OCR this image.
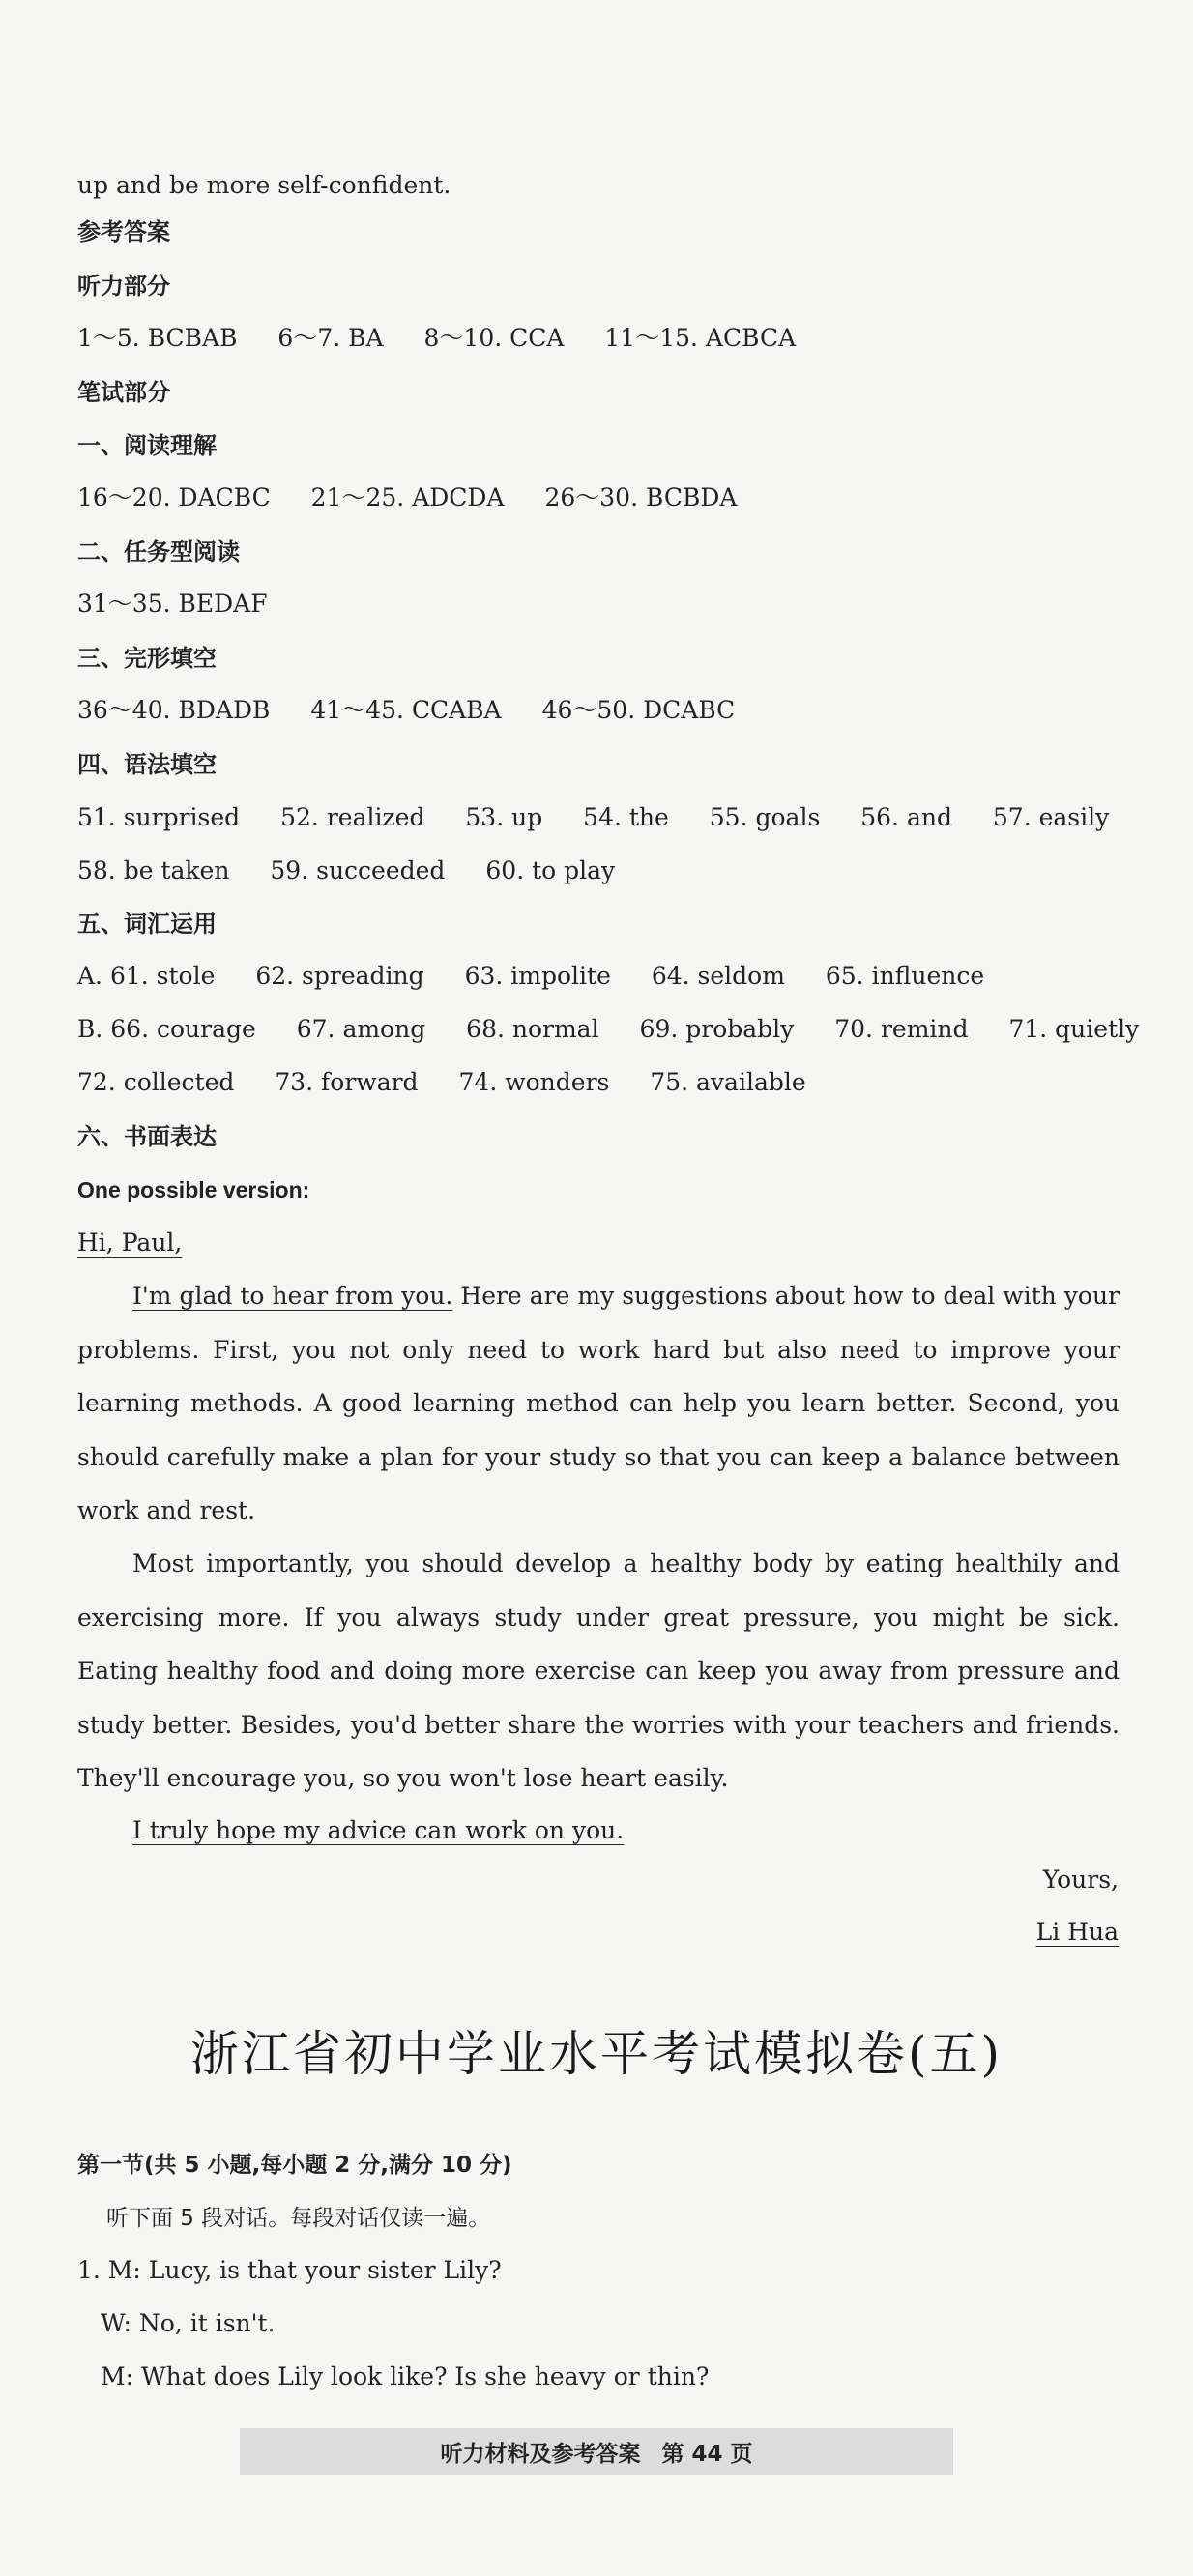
up and be more self-confident.
参考答案
听力部分
1～5. BCBAB 6～7. BA 8～10. CCA 11～15. ACBCA
笔试部分
一、阅读理解
16～20. DACBC 21～25. ADCDA 26～30. BCBDA
二、任务型阅读
31～35. BEDAF
三、完形填空
36～40. BDADB 41～45. CCABA 46～50. DCABC
四、语法填空
51. surprised 52. realized 53. up 54. the 55. goals 56. and 57. easily
58. be taken 59. succeeded 60. to play
五、词汇运用
A. 61. stole 62. spreading 63. impolite 64. seldom 65. influence
B. 66. courage 67. among 68. normal 69. probably 70. remind 71. quietly
72. collected 73. forward 74. wonders 75. available
六、书面表达
One possible version:
Hi, Paul,
I'm glad to hear from you. Here are my suggestions about how to deal with your problems. First, you not only need to work hard but also need to improve your learning methods. A good learning method can help you learn better. Second, you should carefully make a plan for your study so that you can keep a balance between work and rest.
Most importantly, you should develop a healthy body by eating healthily and exercising more. If you always study under great pressure, you might be sick. Eating healthy food and doing more exercise can keep you away from pressure and study better. Besides, you'd better share the worries with your teachers and friends. They'll encourage you, so you won't lose heart easily.
I truly hope my advice can work on you.
Yours,
Li Hua
浙江省初中学业水平考试模拟卷(五)
第一节(共 5 小题,每小题 2 分,满分 10 分)
听下面 5 段对话。每段对话仅读一遍。
1. M: Lucy, is that your sister Lily?
W: No, it isn't.
M: What does Lily look like? Is she heavy or thin?
听力材料及参考答案 第 44 页
